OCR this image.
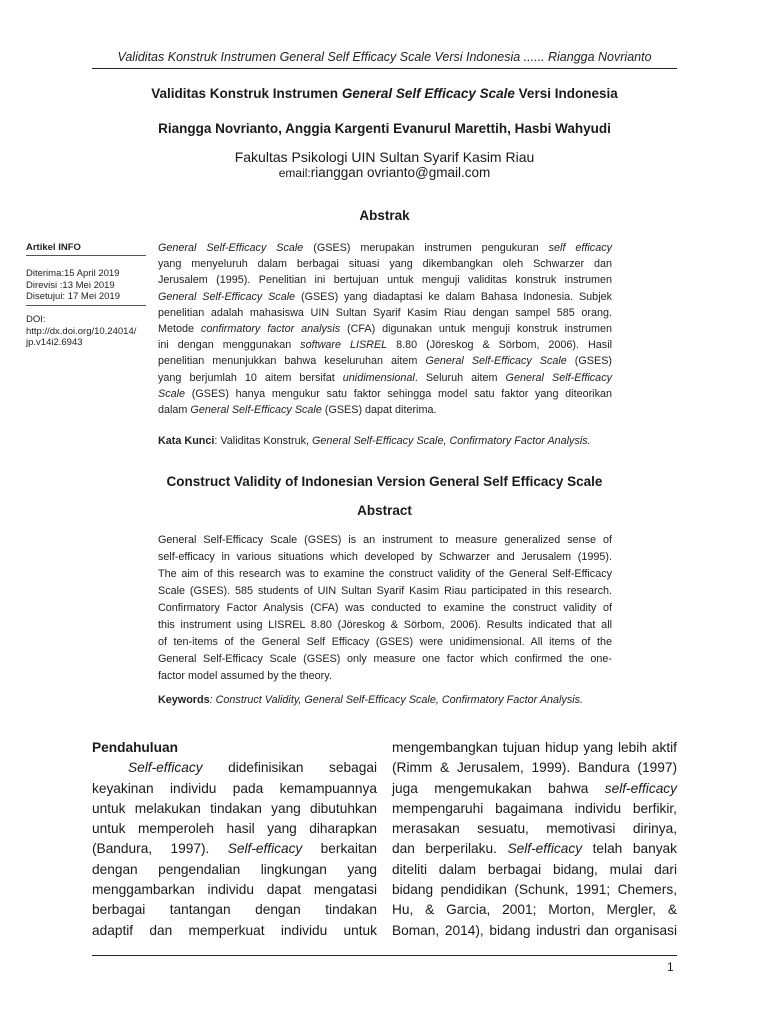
Validitas Konstruk Instrumen General Self Efficacy Scale Versi Indonesia ...... Riangga Novrianto
Validitas Konstruk Instrumen General Self Efficacy Scale Versi Indonesia
Riangga Novrianto, Anggia Kargenti Evanurul Marettih, Hasbi Wahyudi
Fakultas Psikologi UIN Sultan Syarif Kasim Riau
email:rianggan ovrianto@gmail.com
Abstrak
Artikel INFO
Diterima:15 April 2019
Direvisi :13 Mei 2019
Disetujui: 17 Mei 2019
DOI:
http://dx.doi.org/10.24014/
jp.v14i2.6943
General Self-Efficacy Scale (GSES) merupakan instrumen pengukuran self efficacy
yang menyeluruh dalam berbagai situasi yang dikembangkan oleh Schwarzer dan
Jerusalem (1995). Penelitian ini bertujuan untuk menguji validitas konstruk instrumen
General Self-Efficacy Scale (GSES) yang diadaptasi ke dalam Bahasa Indonesia. Subjek
penelitian adalah mahasiswa UIN Sultan Syarif Kasim Riau dengan sampel 585 orang.
Metode confirmatory factor analysis (CFA) digunakan untuk menguji konstruk instrumen
ini dengan menggunakan software LISREL 8.80 (Jöreskog & Sörbom, 2006). Hasil
penelitian menunjukkan bahwa keseluruhan aitem General Self-Efficacy Scale (GSES)
yang berjumlah 10 aitem bersifat unidimensional. Seluruh aitem General Self-Efficacy
Scale (GSES) hanya mengukur satu faktor sehingga model satu faktor yang diteorikan
dalam General Self-Efficacy Scale (GSES) dapat diterima.
Kata Kunci: Validitas Konstruk, General Self-Efficacy Scale, Confirmatory Factor Analysis.
Construct Validity of Indonesian Version General Self Efficacy Scale
Abstract
General Self-Efficacy Scale (GSES) is an instrument to measure generalized sense of
self-efficacy in various situations which developed by Schwarzer and Jerusalem (1995).
The aim of this research was to examine the construct validity of the General Self-Efficacy
Scale (GSES). 585 students of UIN Sultan Syarif Kasim Riau participated in this research.
Confirmatory Factor Analysis (CFA) was conducted to examine the construct validity of
this instrument using LISREL 8.80 (Jöreskog & Sörbom, 2006). Results indicated that all
of ten-items of the General Self Efficacy (GSES) were unidimensional. All items of the
General Self-Efficacy Scale (GSES) only measure one factor which confirmed the one-
factor model assumed by the theory.
Keywords: Construct Validity, General Self-Efficacy Scale, Confirmatory Factor Analysis.
Pendahuluan
Self-efficacy   didefinisikan   sebagai
keyakinan  individu  pada  kemampuannya
untuk melakukan tindakan yang dibutuhkan
untuk  memperoleh  hasil  yang  diharapkan
(Bandura,  1997).  Self-efficacy  berkaitan
dengan  pengendalian  lingkungan  yang
menggambarkan individu dapat mengatasi
berbagai   tantangan   dengan   tindakan
adaptif  dan  memperkuat  individu  untuk
mengembangkan tujuan hidup yang lebih aktif
(Rimm & Jerusalem, 1999). Bandura (1997)
juga  mengemukakan  bahwa  self-efficacy
mempengaruhi bagaimana individu berfikir,
merasakan  sesuatu,  memotivasi  dirinya,
dan berperilaku. Self-efficacy telah banyak
diteliti dalam berbagai bidang, mulai dari
bidang pendidikan (Schunk, 1991; Chemers,
Hu,  &  Garcia,  2001;  Morton,  Mergler,  &
Boman, 2014), bidang industri dan organisasi
1
